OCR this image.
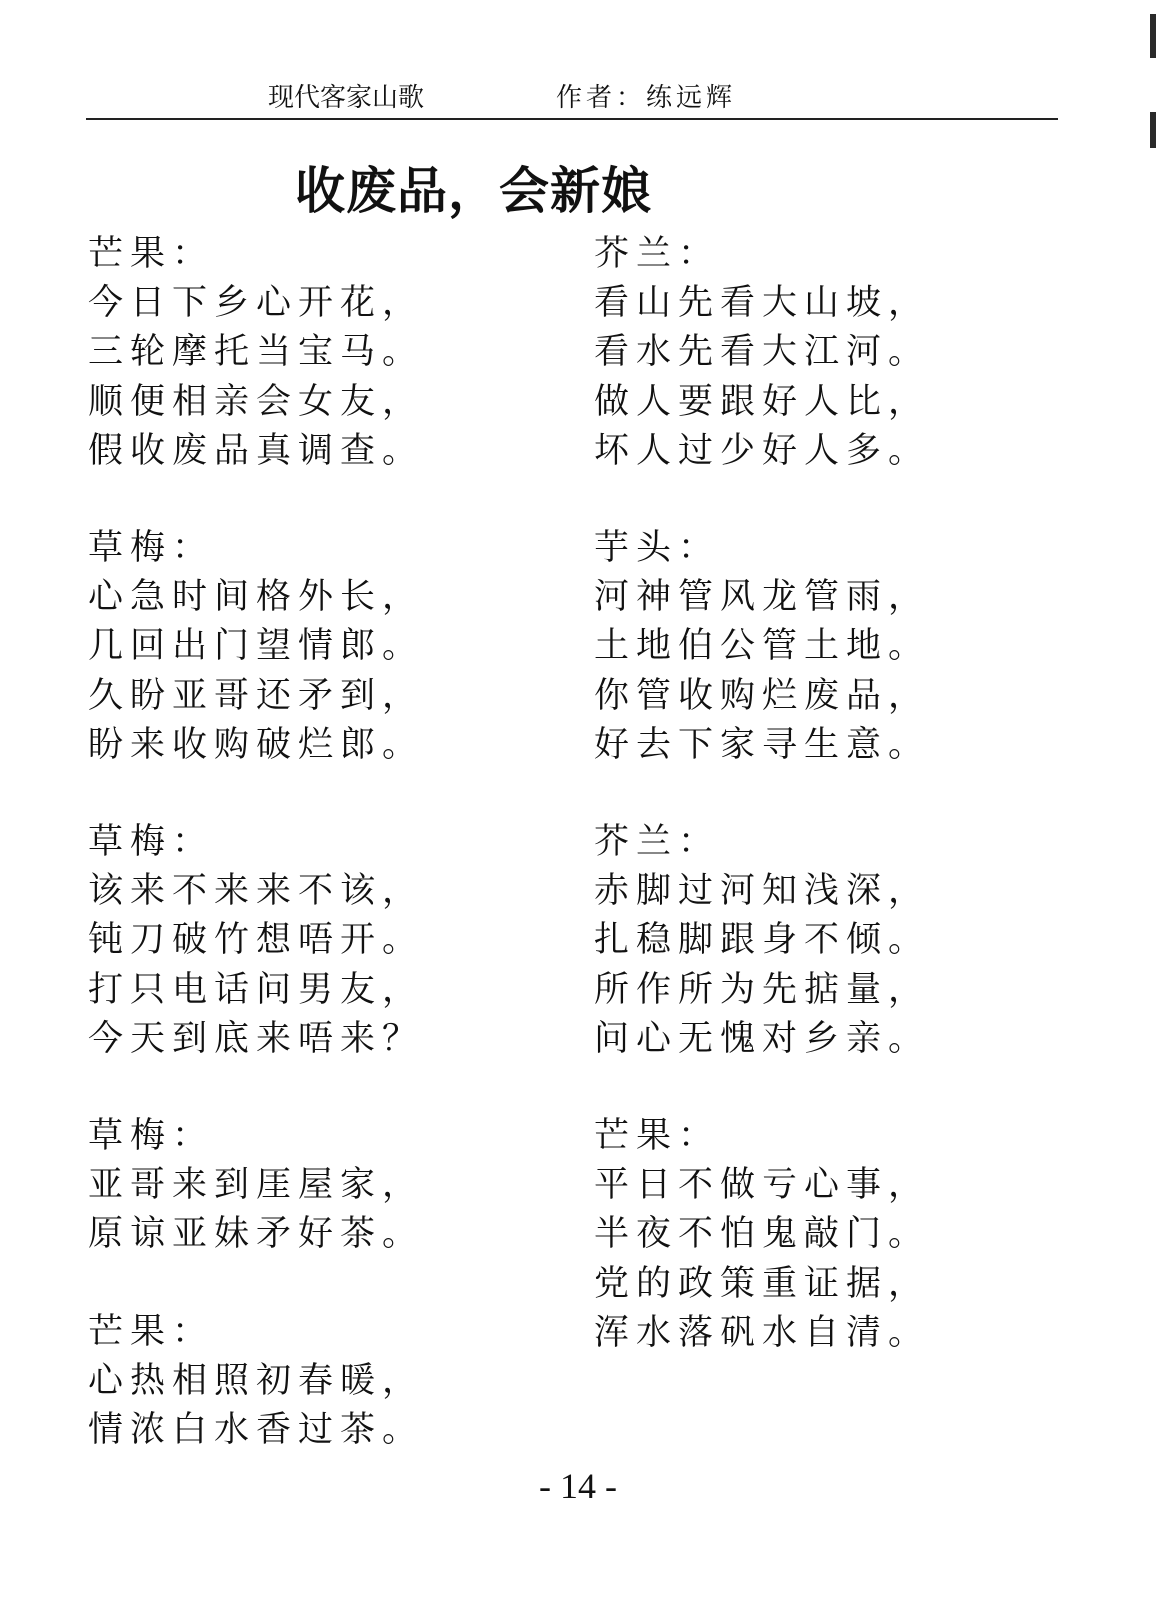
现代客家山歌	作者：练远辉
收废品，会新娘
芒果：
今日下乡心开花，
三轮摩托当宝马。
顺便相亲会女友，
假收废品真调查。
草梅：
心急时间格外长，
几回出门望情郎。
久盼亚哥还矛到，
盼来收购破烂郎。
草梅：
该来不来来不该，
钝刀破竹想唔开。
打只电话问男友，
今天到底来唔来？
草梅：
亚哥来到厓屋家，
原谅亚妹矛好茶。
芒果：
心热相照初春暖，
情浓白水香过茶。
芥兰：
看山先看大山坡，
看水先看大江河。
做人要跟好人比，
坏人过少好人多。
芋头：
河神管风龙管雨，
土地伯公管土地。
你管收购烂废品，
好去下家寻生意。
芥兰：
赤脚过河知浅深，
扎稳脚跟身不倾。
所作所为先掂量，
问心无愧对乡亲。
芒果：
平日不做亏心事，
半夜不怕鬼敲门。
党的政策重证据，
浑水落矾水自清。
- 14 -
